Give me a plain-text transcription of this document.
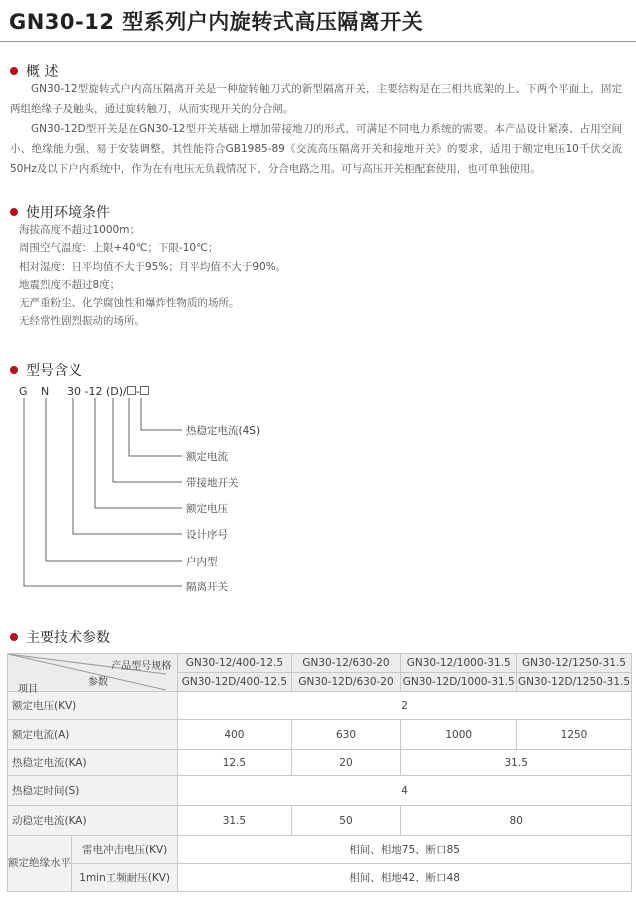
GN30-12 型系列户内旋转式高压隔离开关
概 述

GN30-12型旋转式户内高压隔离开关是一种旋转触刀式的新型隔离开关，主要结构是在三相共底架的上、下两个平面上，固定两组绝缘子及触头，通过旋转触刀，从而实现开关的分合闸。

GN30-12D型开关是在GN30-12型开关基础上增加带接地刀的形式，可满足不同电力系统的需要。本产品设计紧凑、占用空间小、绝缘能力强、易于安装调整，其性能符合GB1985-89《交流高压隔离开关和接地开关》的要求，适用于额定电压10千伏交流50Hz及以下户内系统中，作为在有电压无负载情况下，分合电路之用。可与高压开关柜配套使用，也可单独使用。

使用环境条件
海拔高度不超过1000m；
周围空气温度：上限+40℃；下限-10℃；
相对湿度：日平均值不大于95%；月平均值不大于90%。
地震烈度不超过8度；
无严重粉尘、化学腐蚀性和爆炸性物质的场所。
无经常性剧烈振动的场所。
型号含义
G N 30 -12 (D)/ -
热稳定电流(4S)
额定电流
带接地开关
额定电压
设计序号
户内型
隔离开关
主要技术参数
产品型号规格
参数
项目		GN30-12/400-12.5	GN30-12/630-20	GN30-12/1000-31.5	GN30-12/1250-31.5
		GN30-12D/400-12.5	GN30-12D/630-20	GN30-12D/1000-31.5	GN30-12D/1250-31.5
额定电压(KV)		2			
额定电流(A)		400	630	1000	1250
热稳定电流(KA)		12.5	20	31.5	
热稳定时间(S)		4			
动稳定电流(KA)		31.5	50	80	
额定绝缘水平	雷电冲击电压(KV)	相间、相地75、断口85			
	1min工频耐压(KV)	相间、相地42、断口48			
